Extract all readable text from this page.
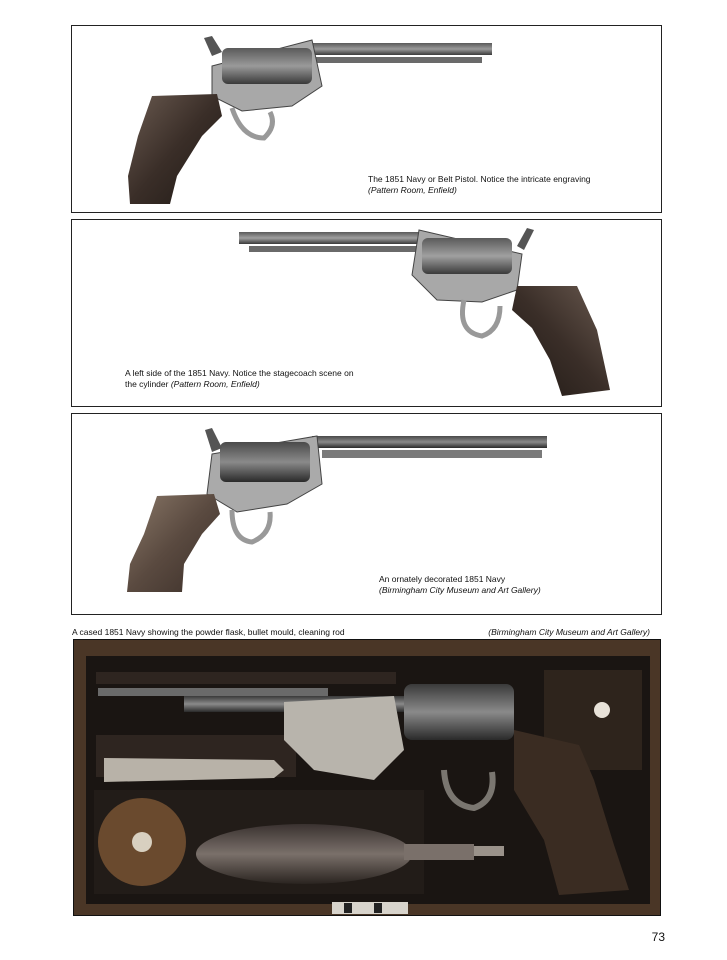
The 1851 Navy or Belt Pistol. Notice the intricate engraving (Pattern Room, Enfield)
A left side of the 1851 Navy. Notice the stagecoach scene on the cylinder (Pattern Room, Enfield)
An ornately decorated 1851 Navy
(Birmingham City Museum and Art Gallery)
A cased 1851 Navy showing the powder flask, bullet mould, cleaning rod	(Birmingham City Museum and Art Gallery)
73
